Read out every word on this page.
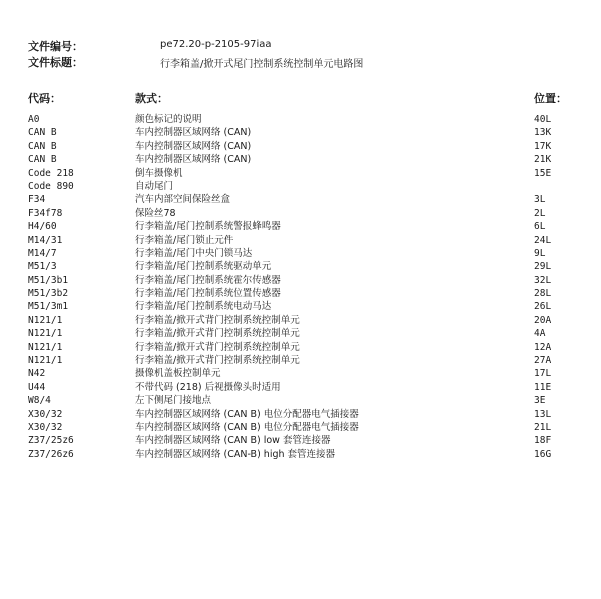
文件编号：	pe72.20-p-2105-97iaa
文件标题：	行李箱盖/掀开式尾门控制系统控制单元电路图
代码：	款式：	位置：
A0	颜色标记的说明	40L
CAN B	车内控制器区域网络 (CAN)	13K
CAN B	车内控制器区域网络 (CAN)	17K
CAN B	车内控制器区域网络 (CAN)	21K
Code 218	倒车摄像机	15E
Code 890	自动尾门
F34	汽车内部空间保险丝盒	3L
F34f78	保险丝78	2L
H4/60	行李箱盖/尾门控制系统警报蜂鸣器	6L
M14/31	行李箱盖/尾门锁止元件	24L
M14/7	行李箱盖/尾门中央门锁马达	9L
M51/3	行李箱盖/尾门控制系统驱动单元	29L
M51/3b1	行李箱盖/尾门控制系统霍尔传感器	32L
M51/3b2	行李箱盖/尾门控制系统位置传感器	28L
M51/3m1	行李箱盖/尾门控制系统电动马达	26L
N121/1	行李箱盖/掀开式背门控制系统控制单元	20A
N121/1	行李箱盖/掀开式背门控制系统控制单元	4A
N121/1	行李箱盖/掀开式背门控制系统控制单元	12A
N121/1	行李箱盖/掀开式背门控制系统控制单元	27A
N42	摄像机盖板控制单元	17L
U44	不带代码 (218) 后视摄像头时适用	11E
W8/4	左下侧尾门接地点	3E
X30/32	车内控制器区域网络 (CAN B) 电位分配器电气插接器	13L
X30/32	车内控制器区域网络 (CAN B) 电位分配器电气插接器	21L
Z37/25z6	车内控制器区域网络 (CAN B) low 套管连接器	18F
Z37/26z6	车内控制器区域网络 (CAN-B) high 套管连接器	16G
